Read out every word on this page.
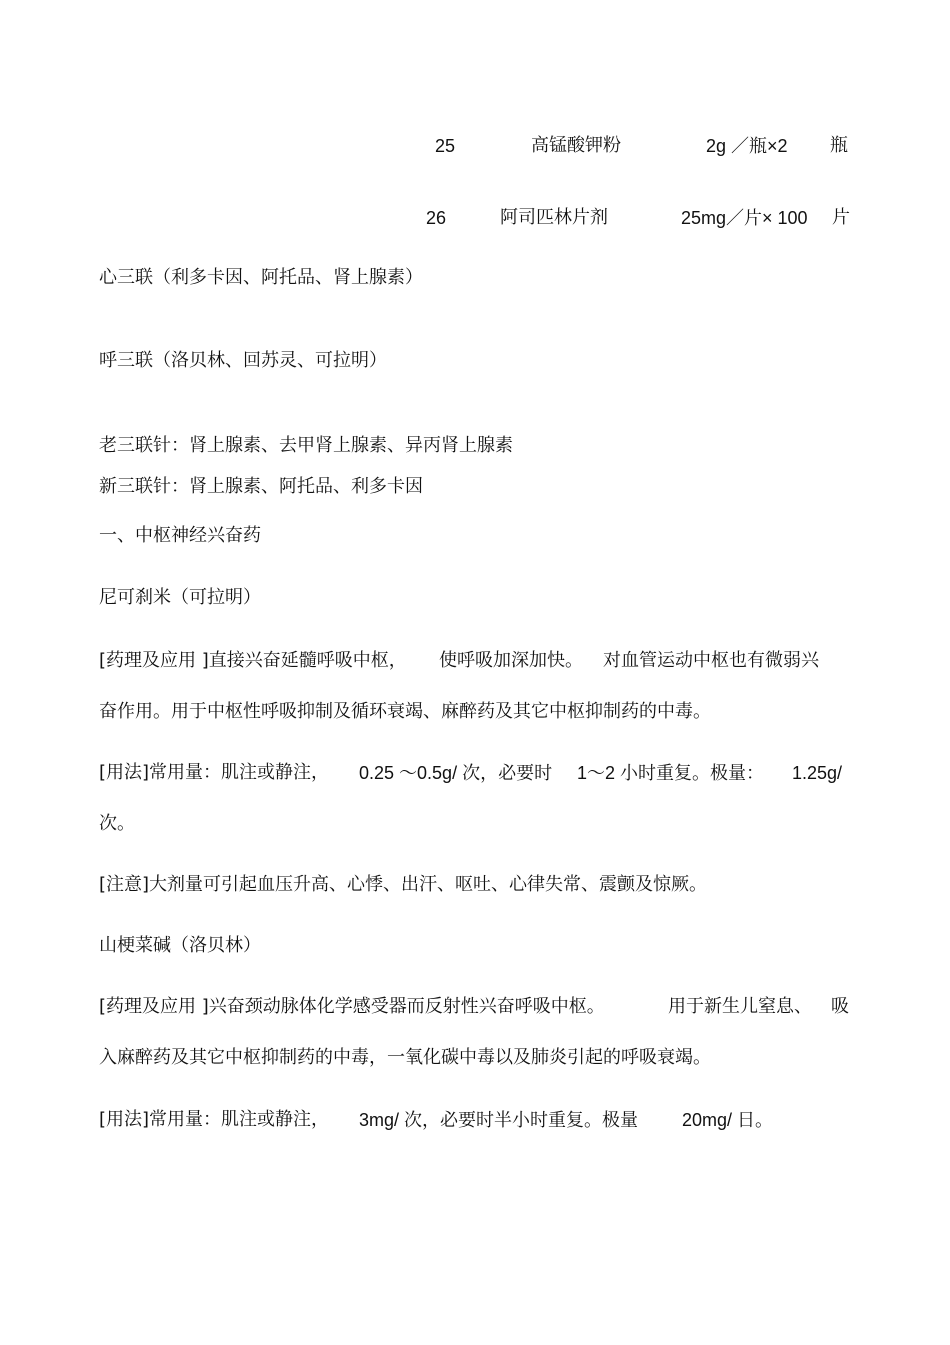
25	高锰酸钾粉	2g ／瓶×2 瓶
26	阿司匹林片剂	25mg／片× 100 片
心三联（利多卡因、阿托品、肾上腺素）
呼三联（洛贝林、回苏灵、可拉明）
老三联针：肾上腺素、去甲肾上腺素、异丙肾上腺素
新三联针：肾上腺素、阿托品、利多卡因
一、中枢神经兴奋药
尼可刹米（可拉明）
[药理及应用 ]直接兴奋延髓呼吸中枢， 使呼吸加深加快。 对血管运动中枢也有微弱兴
奋作用。用于中枢性呼吸抑制及循环衰竭、麻醉药及其它中枢抑制药的中毒。
[用法]常用量：肌注或静注， 0.25 ～0.5g/ 次，必要时 1～2 小时重复。极量： 1.25g/
次。
[注意]大剂量可引起血压升高、心悸、出汗、呕吐、心律失常、震颤及惊厥。
山梗菜碱（洛贝林）
[药理及应用 ]兴奋颈动脉体化学感受器而反射性兴奋呼吸中枢。	用于新生儿窒息、 吸
入麻醉药及其它中枢抑制药的中毒，一氧化碳中毒以及肺炎引起的呼吸衰竭。
[用法]常用量：肌注或静注， 3mg/ 次，必要时半小时重复。极量 20mg/ 日。
